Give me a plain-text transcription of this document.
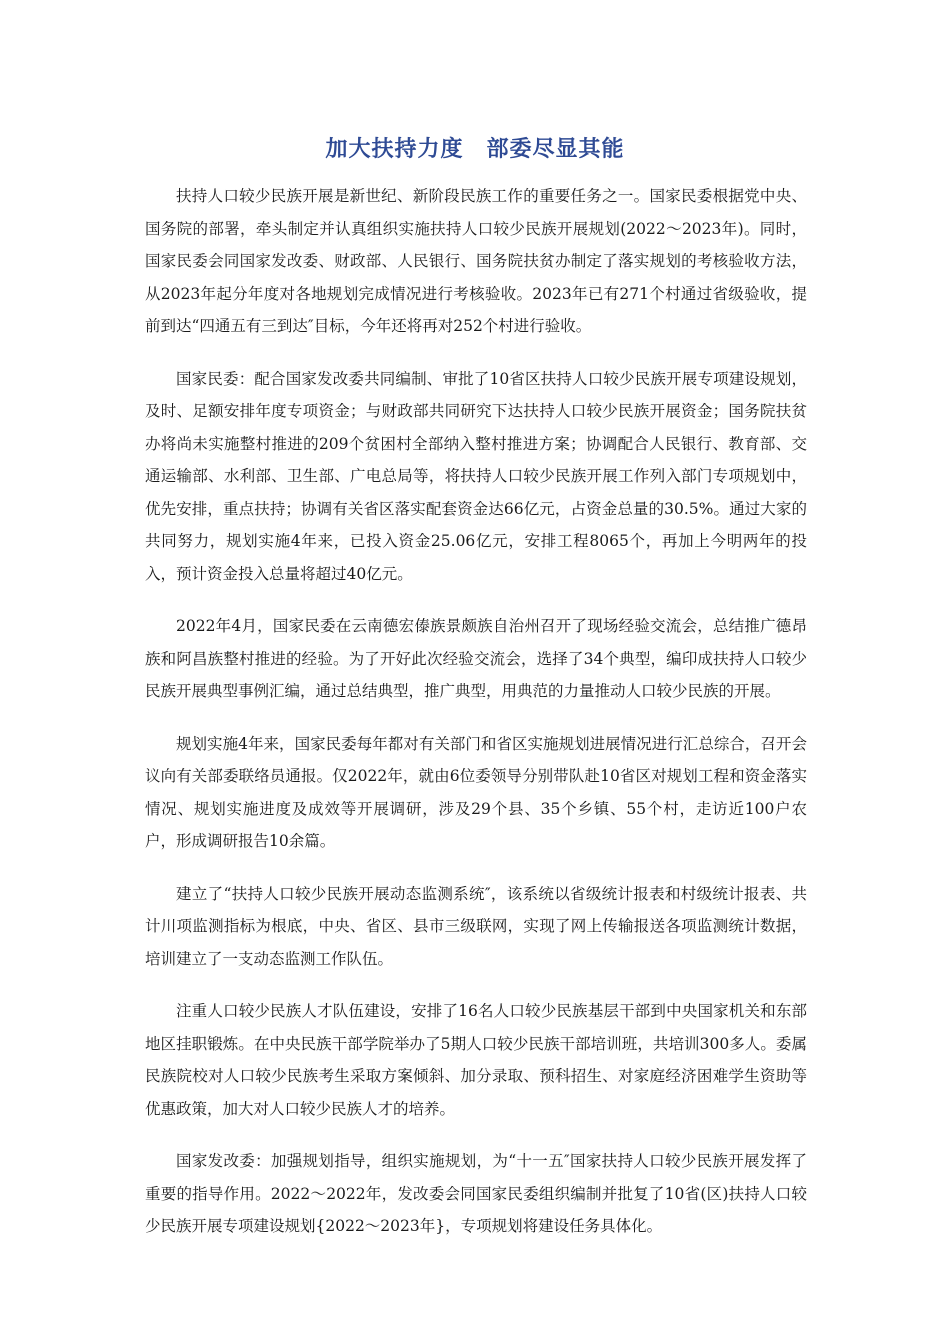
加大扶持力度　部委尽显其能

扶持人口较少民族开展是新世纪、新阶段民族工作的重要任务之一。国家民委根据党中央、国务院的部署，牵头制定并认真组织实施扶持人口较少民族开展规划(2022～2023年)。同时，国家民委会同国家发改委、财政部、人民银行、国务院扶贫办制定了落实规划的考核验收方法，从2023年起分年度对各地规划完成情况进行考核验收。2023年已有271个村通过省级验收，提前到达“四通五有三到达″目标，今年还将再对252个村进行验收。

国家民委：配合国家发改委共同编制、审批了10省区扶持人口较少民族开展专项建设规划，及时、足额安排年度专项资金；与财政部共同研究下达扶持人口较少民族开展资金；国务院扶贫办将尚未实施整村推进的209个贫困村全部纳入整村推进方案；协调配合人民银行、教育部、交通运输部、水利部、卫生部、广电总局等，将扶持人口较少民族开展工作列入部门专项规划中，优先安排，重点扶持；协调有关省区落实配套资金达66亿元，占资金总量的30.5%。通过大家的共同努力，规划实施4年来，已投入资金25.06亿元，安排工程8065个，再加上今明两年的投入，预计资金投入总量将超过40亿元。

2022年4月，国家民委在云南德宏傣族景颇族自治州召开了现场经验交流会，总结推广德昂族和阿昌族整村推进的经验。为了开好此次经验交流会，选择了34个典型，编印成扶持人口较少民族开展典型事例汇编，通过总结典型，推广典型，用典范的力量推动人口较少民族的开展。

规划实施4年来，国家民委每年都对有关部门和省区实施规划进展情况进行汇总综合，召开会议向有关部委联络员通报。仅2022年，就由6位委领导分别带队赴10省区对规划工程和资金落实情况、规划实施进度及成效等开展调研，涉及29个县、35个乡镇、55个村，走访近100户农户，形成调研报告10余篇。

建立了“扶持人口较少民族开展动态监测系统″，该系统以省级统计报表和村级统计报表、共计川项监测指标为根底，中央、省区、县市三级联网，实现了网上传输报送各项监测统计数据，培训建立了一支动态监测工作队伍。

注重人口较少民族人才队伍建设，安排了16名人口较少民族基层干部到中央国家机关和东部地区挂职锻炼。在中央民族干部学院举办了5期人口较少民族干部培训班，共培训300多人。委属民族院校对人口较少民族考生采取方案倾斜、加分录取、预科招生、对家庭经济困难学生资助等优惠政策，加大对人口较少民族人才的培养。

国家发改委：加强规划指导，组织实施规划，为“十一五″国家扶持人口较少民族开展发挥了重要的指导作用。2022～2022年，发改委会同国家民委组织编制并批复了10省(区)扶持人口较少民族开展专项建设规划{2022～2023年}，专项规划将建设任务具体化。
